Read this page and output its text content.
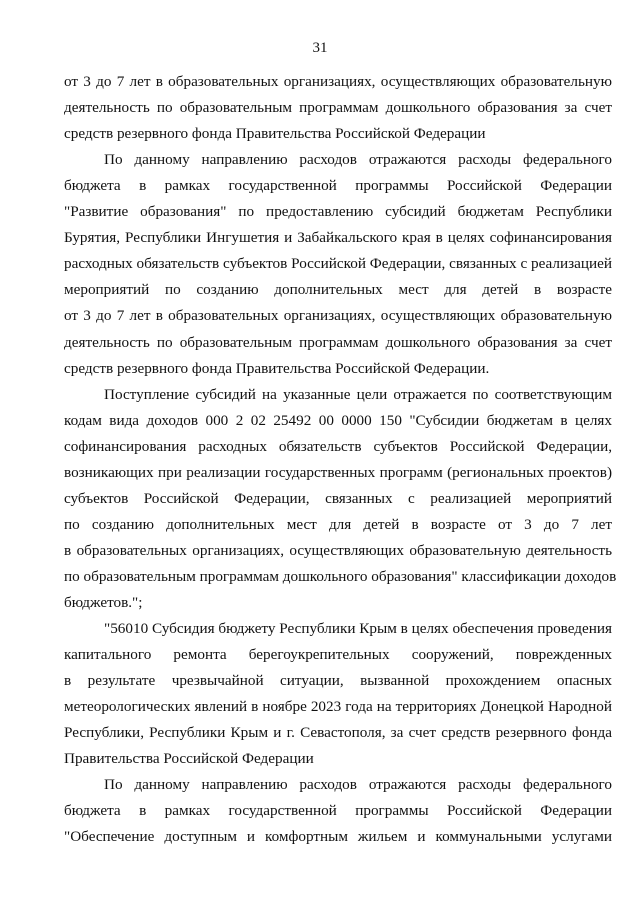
31
от 3 до 7 лет в образовательных организациях, осуществляющих образовательную
деятельность по образовательным программам дошкольного образования за счет
средств резервного фонда Правительства Российской Федерации
По данному направлению расходов отражаются расходы федерального
бюджета в рамках государственной программы Российской Федерации
"Развитие образования" по предоставлению субсидий бюджетам Республики
Бурятия, Республики Ингушетия и Забайкальского края в целях софинансирования
расходных обязательств субъектов Российской Федерации, связанных с реализацией
мероприятий по созданию дополнительных мест для детей в возрасте
от 3 до 7 лет в образовательных организациях, осуществляющих образовательную
деятельность по образовательным программам дошкольного образования за счет
средств резервного фонда Правительства Российской Федерации.
Поступление субсидий на указанные цели отражается по соответствующим
кодам вида доходов 000 2 02 25492 00 0000 150 "Субсидии бюджетам в целях
софинансирования расходных обязательств субъектов Российской Федерации,
возникающих при реализации государственных программ (региональных проектов)
субъектов Российской Федерации, связанных с реализацией мероприятий
по созданию дополнительных мест для детей в возрасте от 3 до 7 лет
в образовательных организациях, осуществляющих образовательную деятельность
по образовательным программам дошкольного образования" классификации доходов
бюджетов.";
"56010 Субсидия бюджету Республики Крым в целях обеспечения проведения
капитального ремонта берегоукрепительных сооружений, поврежденных
в результате чрезвычайной ситуации, вызванной прохождением опасных
метеорологических явлений в ноябре 2023 года на территориях Донецкой Народной
Республики, Республики Крым и г. Севастополя, за счет средств резервного фонда
Правительства Российской Федерации
По данному направлению расходов отражаются расходы федерального
бюджета в рамках государственной программы Российской Федерации
"Обеспечение доступным и комфортным жильем и коммунальными услугами
